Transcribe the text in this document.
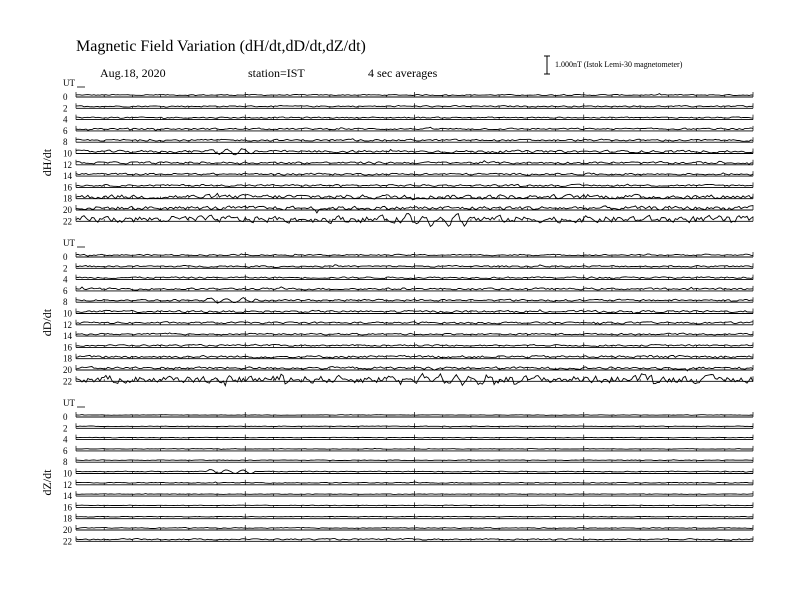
Magnetic Field Variation (dH/dt,dD/dt,dZ/dt)
Aug.18, 2020	station=IST	4 sec averages
1.000nT (Istok Lemi-30 magnetometer)
UT
dH/dt
0
2
4
6
8
10
12
14
16
18
20
22
UT
dD/dt
0
2
4
6
8
10
12
14
16
18
20
22
UT
dZ/dt
0
2
4
6
8
10
12
14
16
18
20
22
